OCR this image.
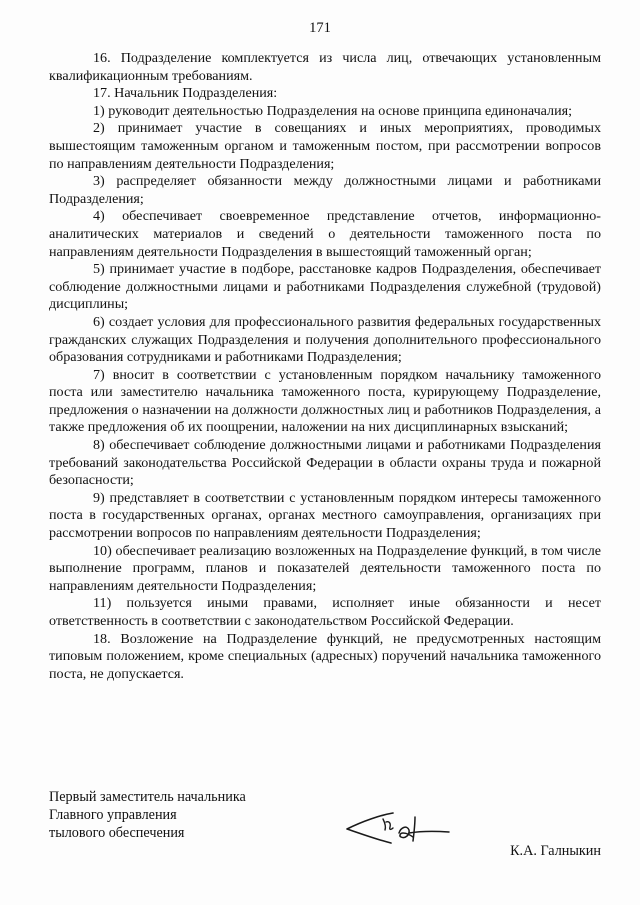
171

16. Подразделение комплектуется из числа лиц, отвечающих установленным квалификационным требованиям.

17. Начальник Подразделения:

1) руководит деятельностью Подразделения на основе принципа единоначалия;

2) принимает участие в совещаниях и иных мероприятиях, проводимых вышестоящим таможенным органом и таможенным постом, при рассмотрении вопросов по направлениям деятельности Подразделения;

3) распределяет обязанности между должностными лицами и работниками Подразделения;

4) обеспечивает своевременное представление отчетов, информационно-аналитических материалов и сведений о деятельности таможенного поста по направлениям деятельности Подразделения в вышестоящий таможенный орган;

5) принимает участие в подборе, расстановке кадров Подразделения, обеспечивает соблюдение должностными лицами и работниками Подразделения служебной (трудовой) дисциплины;

6) создает условия для профессионального развития федеральных государственных гражданских служащих Подразделения и получения дополнительного профессионального образования сотрудниками и работниками Подразделения;

7) вносит в соответствии с установленным порядком начальнику таможенного поста или заместителю начальника таможенного поста, курирующему Подразделение, предложения о назначении на должности должностных лиц и работников Подразделения, а также предложения об их поощрении, наложении на них дисциплинарных взысканий;

8) обеспечивает соблюдение должностными лицами и работниками Подразделения требований законодательства Российской Федерации в области охраны труда и пожарной безопасности;

9) представляет в соответствии с установленным порядком интересы таможенного поста в государственных органах, органах местного самоуправления, организациях при рассмотрении вопросов по направлениям деятельности Подразделения;

10) обеспечивает реализацию возложенных на Подразделение функций, в том числе выполнение программ, планов и показателей деятельности таможенного поста по направлениям деятельности Подразделения;

11) пользуется иными правами, исполняет иные обязанности и несет ответственность в соответствии с законодательством Российской Федерации.

18. Возложение на Подразделение функций, не предусмотренных настоящим типовым положением, кроме специальных (адресных) поручений начальника таможенного поста, не допускается.

Первый заместитель начальника
Главного управления
тылового обеспечения
К.А. Галныкин
